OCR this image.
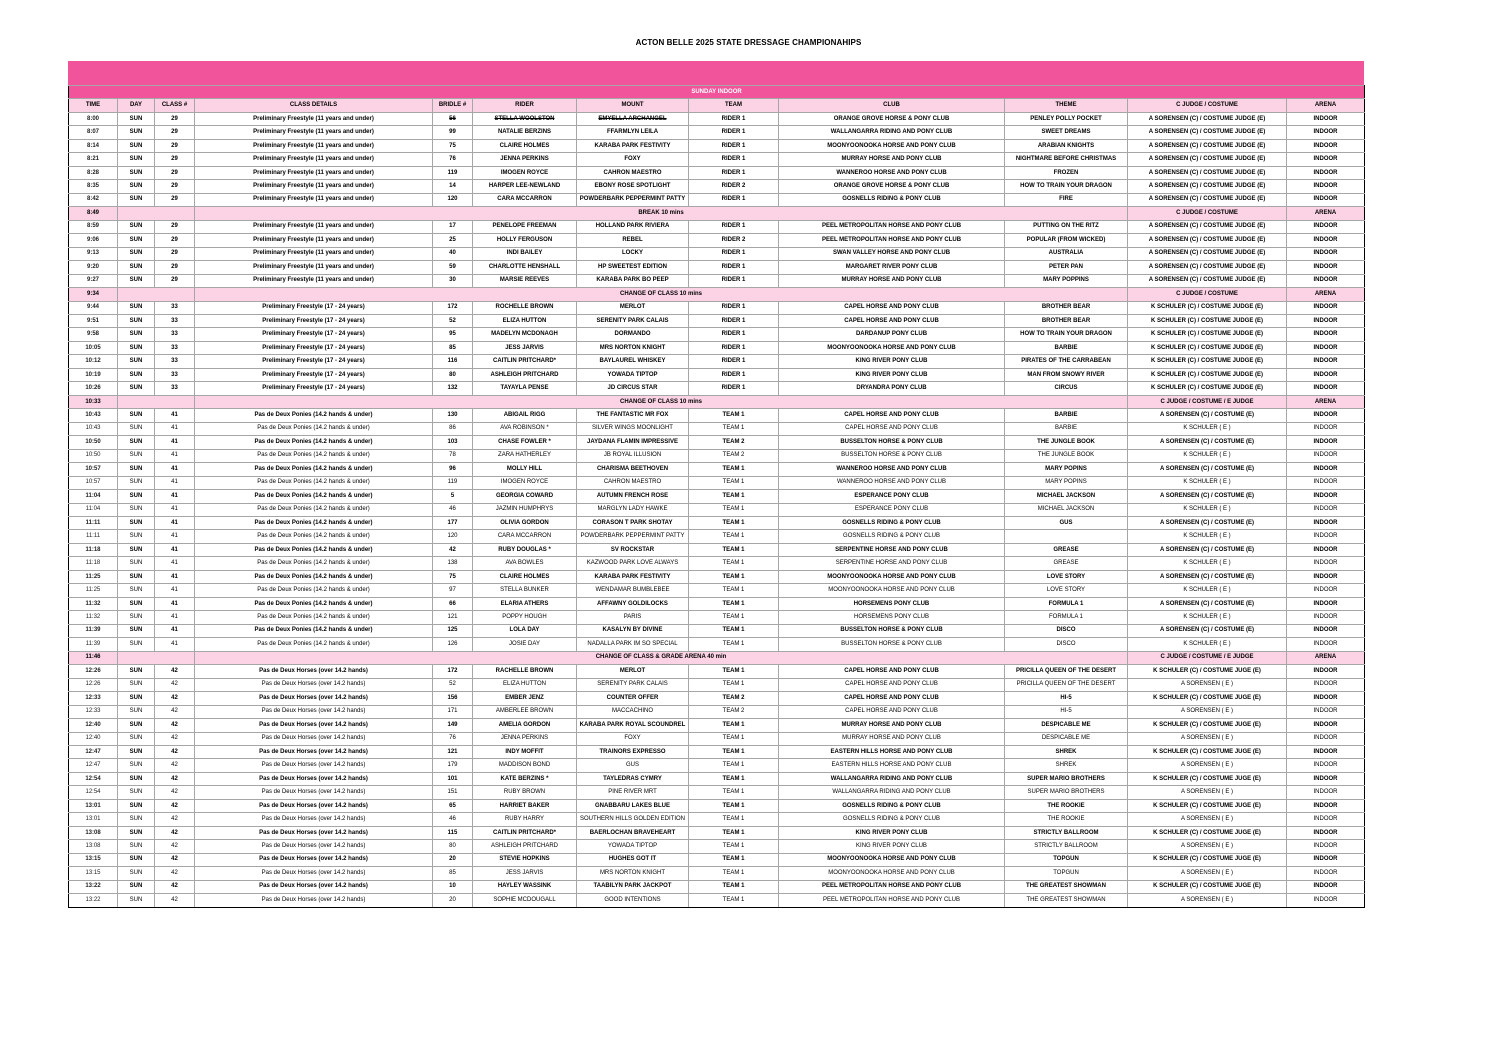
ACTON BELLE 2025 STATE DRESSAGE CHAMPIONAHIPS
SUNDAY INDOOR											
TIME	DAY	CLASS #	CLASS DETAILS	BRIDLE #	RIDER	MOUNT	TEAM	CLUB	THEME	C JUDGE / COSTUME	ARENA
8:00	SUN	29	Preliminary Freestyle (11 years and under)	56	STELLA WOOLSTON	EMYELLA ARCHANGEL	RIDER 1	ORANGE GROVE HORSE & PONY CLUB	PENLEY POLLY POCKET	A SORENSEN (C) / COSTUME JUDGE (E)	INDOOR
8:07	SUN	29	Preliminary Freestyle (11 years and under)	99	NATALIE BERZINS	FFARMLYN LEILA	RIDER 1	WALLANGARRA RIDING AND PONY CLUB	SWEET DREAMS	A SORENSEN (C) / COSTUME JUDGE (E)	INDOOR
8:14	SUN	29	Preliminary Freestyle (11 years and under)	75	CLAIRE HOLMES	KARABA PARK FESTIVITY	RIDER 1	MOONYOONOOKA HORSE AND PONY CLUB	ARABIAN KNIGHTS	A SORENSEN (C) / COSTUME JUDGE (E)	INDOOR
8:21	SUN	29	Preliminary Freestyle (11 years and under)	76	JENNA PERKINS	FOXY	RIDER 1	MURRAY HORSE AND PONY CLUB	NIGHTMARE BEFORE CHRISTMAS	A SORENSEN (C) / COSTUME JUDGE (E)	INDOOR
8:28	SUN	29	Preliminary Freestyle (11 years and under)	119	IMOGEN ROYCE	CAHRON MAESTRO	RIDER 1	WANNEROO HORSE AND PONY CLUB	FROZEN	A SORENSEN (C) / COSTUME JUDGE (E)	INDOOR
8:35	SUN	29	Preliminary Freestyle (11 years and under)	14	HARPER LEE-NEWLAND	EBONY ROSE SPOTLIGHT	RIDER 2	ORANGE GROVE HORSE & PONY CLUB	HOW TO TRAIN YOUR DRAGON	A SORENSEN (C) / COSTUME JUDGE (E)	INDOOR
8:42	SUN	29	Preliminary Freestyle (11 years and under)	120	CARA MCCARRON	POWDERBARK PEPPERMINT PATTY	RIDER 1	GOSNELLS RIDING & PONY CLUB	FIRE	A SORENSEN (C) / COSTUME JUDGE (E)	INDOOR
8:49			BREAK 10 mins							C JUDGE / COSTUME	ARENA
8:59	SUN	29	Preliminary Freestyle (11 years and under)	17	PENELOPE FREEMAN	HOLLAND PARK RIVIERA	RIDER 1	PEEL METROPOLITAN HORSE AND PONY CLUB	PUTTING ON THE RITZ	A SORENSEN (C) / COSTUME JUDGE (E)	INDOOR
9:06	SUN	29	Preliminary Freestyle (11 years and under)	25	HOLLY FERGUSON	REBEL	RIDER 2	PEEL METROPOLITAN HORSE AND PONY CLUB	POPULAR (FROM WICKED)	A SORENSEN (C) / COSTUME JUDGE (E)	INDOOR
9:13	SUN	29	Preliminary Freestyle (11 years and under)	40	INDI BAILEY	LOCKY	RIDER 1	SWAN VALLEY HORSE AND PONY CLUB	AUSTRALIA	A SORENSEN (C) / COSTUME JUDGE (E)	INDOOR
9:20	SUN	29	Preliminary Freestyle (11 years and under)	59	CHARLOTTE HENSHALL	HP SWEETEST EDITION	RIDER 1	MARGARET RIVER PONY CLUB	PETER PAN	A SORENSEN (C) / COSTUME JUDGE (E)	INDOOR
9:27	SUN	29	Preliminary Freestyle (11 years and under)	30	MARSIE REEVES	KARABA PARK BO PEEP	RIDER 1	MURRAY HORSE AND PONY CLUB	MARY POPPINS	A SORENSEN (C) / COSTUME JUDGE (E)	INDOOR
9:34			CHANGE OF CLASS 10 mins							C JUDGE / COSTUME	ARENA
9:44	SUN	33	Preliminary Freestyle (17 - 24 years)	172	ROCHELLE BROWN	MERLOT	RIDER 1	CAPEL HORSE AND PONY CLUB	BROTHER BEAR	K SCHULER (C) / COSTUME JUDGE (E)	INDOOR
9:51	SUN	33	Preliminary Freestyle (17 - 24 years)	52	ELIZA HUTTON	SERENITY PARK CALAIS	RIDER 1	CAPEL HORSE AND PONY CLUB	BROTHER BEAR	K SCHULER (C) / COSTUME JUDGE (E)	INDOOR
9:58	SUN	33	Preliminary Freestyle (17 - 24 years)	95	MADELYN MCDONAGH	DORMANDO	RIDER 1	DARDANUP PONY CLUB	HOW TO TRAIN YOUR DRAGON	K SCHULER (C) / COSTUME JUDGE (E)	INDOOR
10:05	SUN	33	Preliminary Freestyle (17 - 24 years)	85	JESS JARVIS	MRS NORTON KNIGHT	RIDER 1	MOONYOONOOKA HORSE AND PONY CLUB	BARBIE	K SCHULER (C) / COSTUME JUDGE (E)	INDOOR
10:12	SUN	33	Preliminary Freestyle (17 - 24 years)	116	CAITLIN PRITCHARD*	BAYLAUREL WHISKEY	RIDER 1	KING RIVER PONY CLUB	PIRATES OF THE CARRABEAN	K SCHULER (C) / COSTUME JUDGE (E)	INDOOR
10:19	SUN	33	Preliminary Freestyle (17 - 24 years)	80	ASHLEIGH PRITCHARD	YOWADA TIPTOP	RIDER 1	KING RIVER PONY CLUB	MAN FROM SNOWY RIVER	K SCHULER (C) / COSTUME JUDGE (E)	INDOOR
10:26	SUN	33	Preliminary Freestyle (17 - 24 years)	132	TAYAYLA PENSE	JD CIRCUS STAR	RIDER 1	DRYANDRA PONY CLUB	CIRCUS	K SCHULER (C) / COSTUME JUDGE (E)	INDOOR
10:33			CHANGE OF CLASS 10 mins							C JUDGE / COSTUME / E JUDGE	ARENA
10:43	SUN	41	Pas de Deux Ponies (14.2 hands & under)	130	ABIGAIL RIGG	THE FANTASTIC MR FOX	TEAM 1	CAPEL HORSE AND PONY CLUB	BARBIE	A SORENSEN (C) / COSTUME (E)	INDOOR
10:43	SUN	41	Pas de Deux Ponies (14.2 hands & under)	86	AVA ROBINSON *	SILVER WINGS MOONLIGHT	TEAM 1	CAPEL HORSE AND PONY CLUB	BARBIE	K SCHULER ( E )	INDOOR
10:50	SUN	41	Pas de Deux Ponies (14.2 hands & under)	103	CHASE FOWLER *	JAYDANA FLAMIN IMPRESSIVE	TEAM 2	BUSSELTON HORSE & PONY CLUB	THE JUNGLE BOOK	A SORENSEN (C) / COSTUME (E)	INDOOR
10:50	SUN	41	Pas de Deux Ponies (14.2 hands & under)	78	ZARA HATHERLEY	JB ROYAL ILLUSION	TEAM 2	BUSSELTON HORSE & PONY CLUB	THE JUNGLE BOOK	K SCHULER ( E )	INDOOR
10:57	SUN	41	Pas de Deux Ponies (14.2 hands & under)	96	MOLLY HILL	CHARISMA BEETHOVEN	TEAM 1	WANNEROO HORSE AND PONY CLUB	MARY POPINS	A SORENSEN (C) / COSTUME (E)	INDOOR
10:57	SUN	41	Pas de Deux Ponies (14.2 hands & under)	119	IMOGEN ROYCE	CAHRON MAESTRO	TEAM 1	WANNEROO HORSE AND PONY CLUB	MARY POPINS	K SCHULER ( E )	INDOOR
11:04	SUN	41	Pas de Deux Ponies (14.2 hands & under)	5	GEORGIA COWARD	AUTUMN FRENCH ROSE	TEAM 1	ESPERANCE PONY CLUB	MICHAEL JACKSON	A SORENSEN (C) / COSTUME (E)	INDOOR
11:04	SUN	41	Pas de Deux Ponies (14.2 hands & under)	46	JAZMIN HUMPHRYS	MARGLYN LADY HAWKE	TEAM 1	ESPERANCE PONY CLUB	MICHAEL JACKSON	K SCHULER ( E )	INDOOR
11:11	SUN	41	Pas de Deux Ponies (14.2 hands & under)	177	OLIVIA GORDON	CORASON T PARK SHOTAY	TEAM 1	GOSNELLS RIDING & PONY CLUB	GUS	A SORENSEN (C) / COSTUME (E)	INDOOR
11:11	SUN	41	Pas de Deux Ponies (14.2 hands & under)	120	CARA MCCARRON	POWDERBARK PEPPERMINT PATTY	TEAM 1	GOSNELLS RIDING & PONY CLUB		K SCHULER ( E )	INDOOR
11:18	SUN	41	Pas de Deux Ponies (14.2 hands & under)	42	RUBY DOUGLAS *	SV ROCKSTAR	TEAM 1	SERPENTINE HORSE AND PONY CLUB	GREASE	A SORENSEN (C) / COSTUME (E)	INDOOR
11:18	SUN	41	Pas de Deux Ponies (14.2 hands & under)	138	AVA BOWLES	KAZWOOD PARK LOVE ALWAYS	TEAM 1	SERPENTINE HORSE AND PONY CLUB	GREASE	K SCHULER ( E )	INDOOR
11:25	SUN	41	Pas de Deux Ponies (14.2 hands & under)	75	CLAIRE HOLMES	KARABA PARK FESTIVITY	TEAM 1	MOONYOONOOKA HORSE AND PONY CLUB	LOVE STORY	A SORENSEN (C) / COSTUME (E)	INDOOR
11:25	SUN	41	Pas de Deux Ponies (14.2 hands & under)	97	STELLA BUNKER	WENDAMAR BUMBLEBEE	TEAM 1	MOONYOONOOKA HORSE AND PONY CLUB	LOVE STORY	K SCHULER ( E )	INDOOR
11:32	SUN	41	Pas de Deux Ponies (14.2 hands & under)	66	ELARIA ATHERS	AFFAWNY GOLDILOCKS	TEAM 1	HORSEMENS PONY CLUB	FORMULA 1	A SORENSEN (C) / COSTUME (E)	INDOOR
11:32	SUN	41	Pas de Deux Ponies (14.2 hands & under)	121	POPPY HOUGH	PARIS	TEAM 1	HORSEMENS PONY CLUB	FORMULA 1	K SCHULER ( E )	INDOOR
11:39	SUN	41	Pas de Deux Ponies (14.2 hands & under)	125	LOLA DAY	KASALYN BY DIVINE	TEAM 1	BUSSELTON HORSE & PONY CLUB	DISCO	A SORENSEN (C) / COSTUME (E)	INDOOR
11:39	SUN	41	Pas de Deux Ponies (14.2 hands & under)	126	JOSIE DAY	NADALLA PARK IM SO SPECIAL	TEAM 1	BUSSELTON HORSE & PONY CLUB	DISCO	K SCHULER ( E )	INDOOR
11:46			CHANGE OF CLASS & GRADE ARENA 40 min							C JUDGE / COSTUME / E JUDGE	ARENA
12:26	SUN	42	Pas de Deux Horses (over 14.2 hands)	172	RACHELLE BROWN	MERLOT	TEAM 1	CAPEL HORSE AND PONY CLUB	PRICILLA QUEEN OF THE DESERT	K SCHULER (C) / COSTUME JUGE (E)	INDOOR
12:26	SUN	42	Pas de Deux Horses (over 14.2 hands)	52	ELIZA HUTTON	SERENITY PARK CALAIS	TEAM 1	CAPEL HORSE AND PONY CLUB	PRICILLA QUEEN OF THE DESERT	A SORENSEN ( E )	INDOOR
12:33	SUN	42	Pas de Deux Horses (over 14.2 hands)	156	EMBER JENZ	COUNTER OFFER	TEAM 2	CAPEL HORSE AND PONY CLUB	HI-5	K SCHULER (C) / COSTUME JUGE (E)	INDOOR
12:33	SUN	42	Pas de Deux Horses (over 14.2 hands)	171	AMBERLEE BROWN	MACCACHINO	TEAM 2	CAPEL HORSE AND PONY CLUB	HI-5	A SORENSEN ( E )	INDOOR
12:40	SUN	42	Pas de Deux Horses (over 14.2 hands)	149	AMELIA GORDON	KARABA PARK ROYAL SCOUNDREL	TEAM 1	MURRAY HORSE AND PONY CLUB	DESPICABLE ME	K SCHULER (C) / COSTUME JUGE (E)	INDOOR
12:40	SUN	42	Pas de Deux Horses (over 14.2 hands)	76	JENNA PERKINS	FOXY	TEAM 1	MURRAY HORSE AND PONY CLUB	DESPICABLE ME	A SORENSEN ( E )	INDOOR
12:47	SUN	42	Pas de Deux Horses (over 14.2 hands)	121	INDY MOFFIT	TRAINORS EXPRESSO	TEAM 1	EASTERN HILLS HORSE AND PONY CLUB	SHREK	K SCHULER (C) / COSTUME JUGE (E)	INDOOR
12:47	SUN	42	Pas de Deux Horses (over 14.2 hands)	179	MADDISON BOND	GUS	TEAM 1	EASTERN HILLS HORSE AND PONY CLUB	SHREK	A SORENSEN ( E )	INDOOR
12:54	SUN	42	Pas de Deux Horses (over 14.2 hands)	101	KATE BERZINS *	TAYLEDRAS CYMRY	TEAM 1	WALLANGARRA RIDING AND PONY CLUB	SUPER MARIO BROTHERS	K SCHULER (C) / COSTUME JUGE (E)	INDOOR
12:54	SUN	42	Pas de Deux Horses (over 14.2 hands)	151	RUBY BROWN	PINE RIVER MRT	TEAM 1	WALLANGARRA RIDING AND PONY CLUB	SUPER MARIO BROTHERS	A SORENSEN ( E )	INDOOR
13:01	SUN	42	Pas de Deux Horses (over 14.2 hands)	65	HARRIET BAKER	GNABBARU LAKES BLUE	TEAM 1	GOSNELLS RIDING & PONY CLUB	THE ROOKIE	K SCHULER (C) / COSTUME JUGE (E)	INDOOR
13:01	SUN	42	Pas de Deux Horses (over 14.2 hands)	46	RUBY HARRY	SOUTHERN HILLS GOLDEN EDITION	TEAM 1	GOSNELLS RIDING & PONY CLUB	THE ROOKIE	A SORENSEN ( E )	INDOOR
13:08	SUN	42	Pas de Deux Horses (over 14.2 hands)	115	CAITLIN PRITCHARD*	BAERLOCHAN BRAVEHEART	TEAM 1	KING RIVER PONY CLUB	STRICTLY BALLROOM	K SCHULER (C) / COSTUME JUGE (E)	INDOOR
13:08	SUN	42	Pas de Deux Horses (over 14.2 hands)	80	ASHLEIGH PRITCHARD	YOWADA TIPTOP	TEAM 1	KING RIVER PONY CLUB	STRICTLY BALLROOM	A SORENSEN ( E )	INDOOR
13:15	SUN	42	Pas de Deux Horses (over 14.2 hands)	20	STEVIE HOPKINS	HUGHES GOT IT	TEAM 1	MOONYOONOOKA HORSE AND PONY CLUB	TOPGUN	K SCHULER (C) / COSTUME JUGE (E)	INDOOR
13:15	SUN	42	Pas de Deux Horses (over 14.2 hands)	85	JESS JARVIS	MRS NORTON KNIGHT	TEAM 1	MOONYOONOOKA HORSE AND PONY CLUB	TOPGUN	A SORENSEN ( E )	INDOOR
13:22	SUN	42	Pas de Deux Horses (over 14.2 hands)	10	HAYLEY WASSINK	TAABILYN PARK JACKPOT	TEAM 1	PEEL METROPOLITAN HORSE AND PONY CLUB	THE GREATEST SHOWMAN	K SCHULER (C) / COSTUME JUGE (E)	INDOOR
13:22	SUN	42	Pas de Deux Horses (over 14.2 hands)	20	SOPHIE MCDOUGALL	GOOD INTENTIONS	TEAM 1	PEEL METROPOLITAN HORSE AND PONY CLUB	THE GREATEST SHOWMAN	A SORENSEN ( E )	INDOOR
